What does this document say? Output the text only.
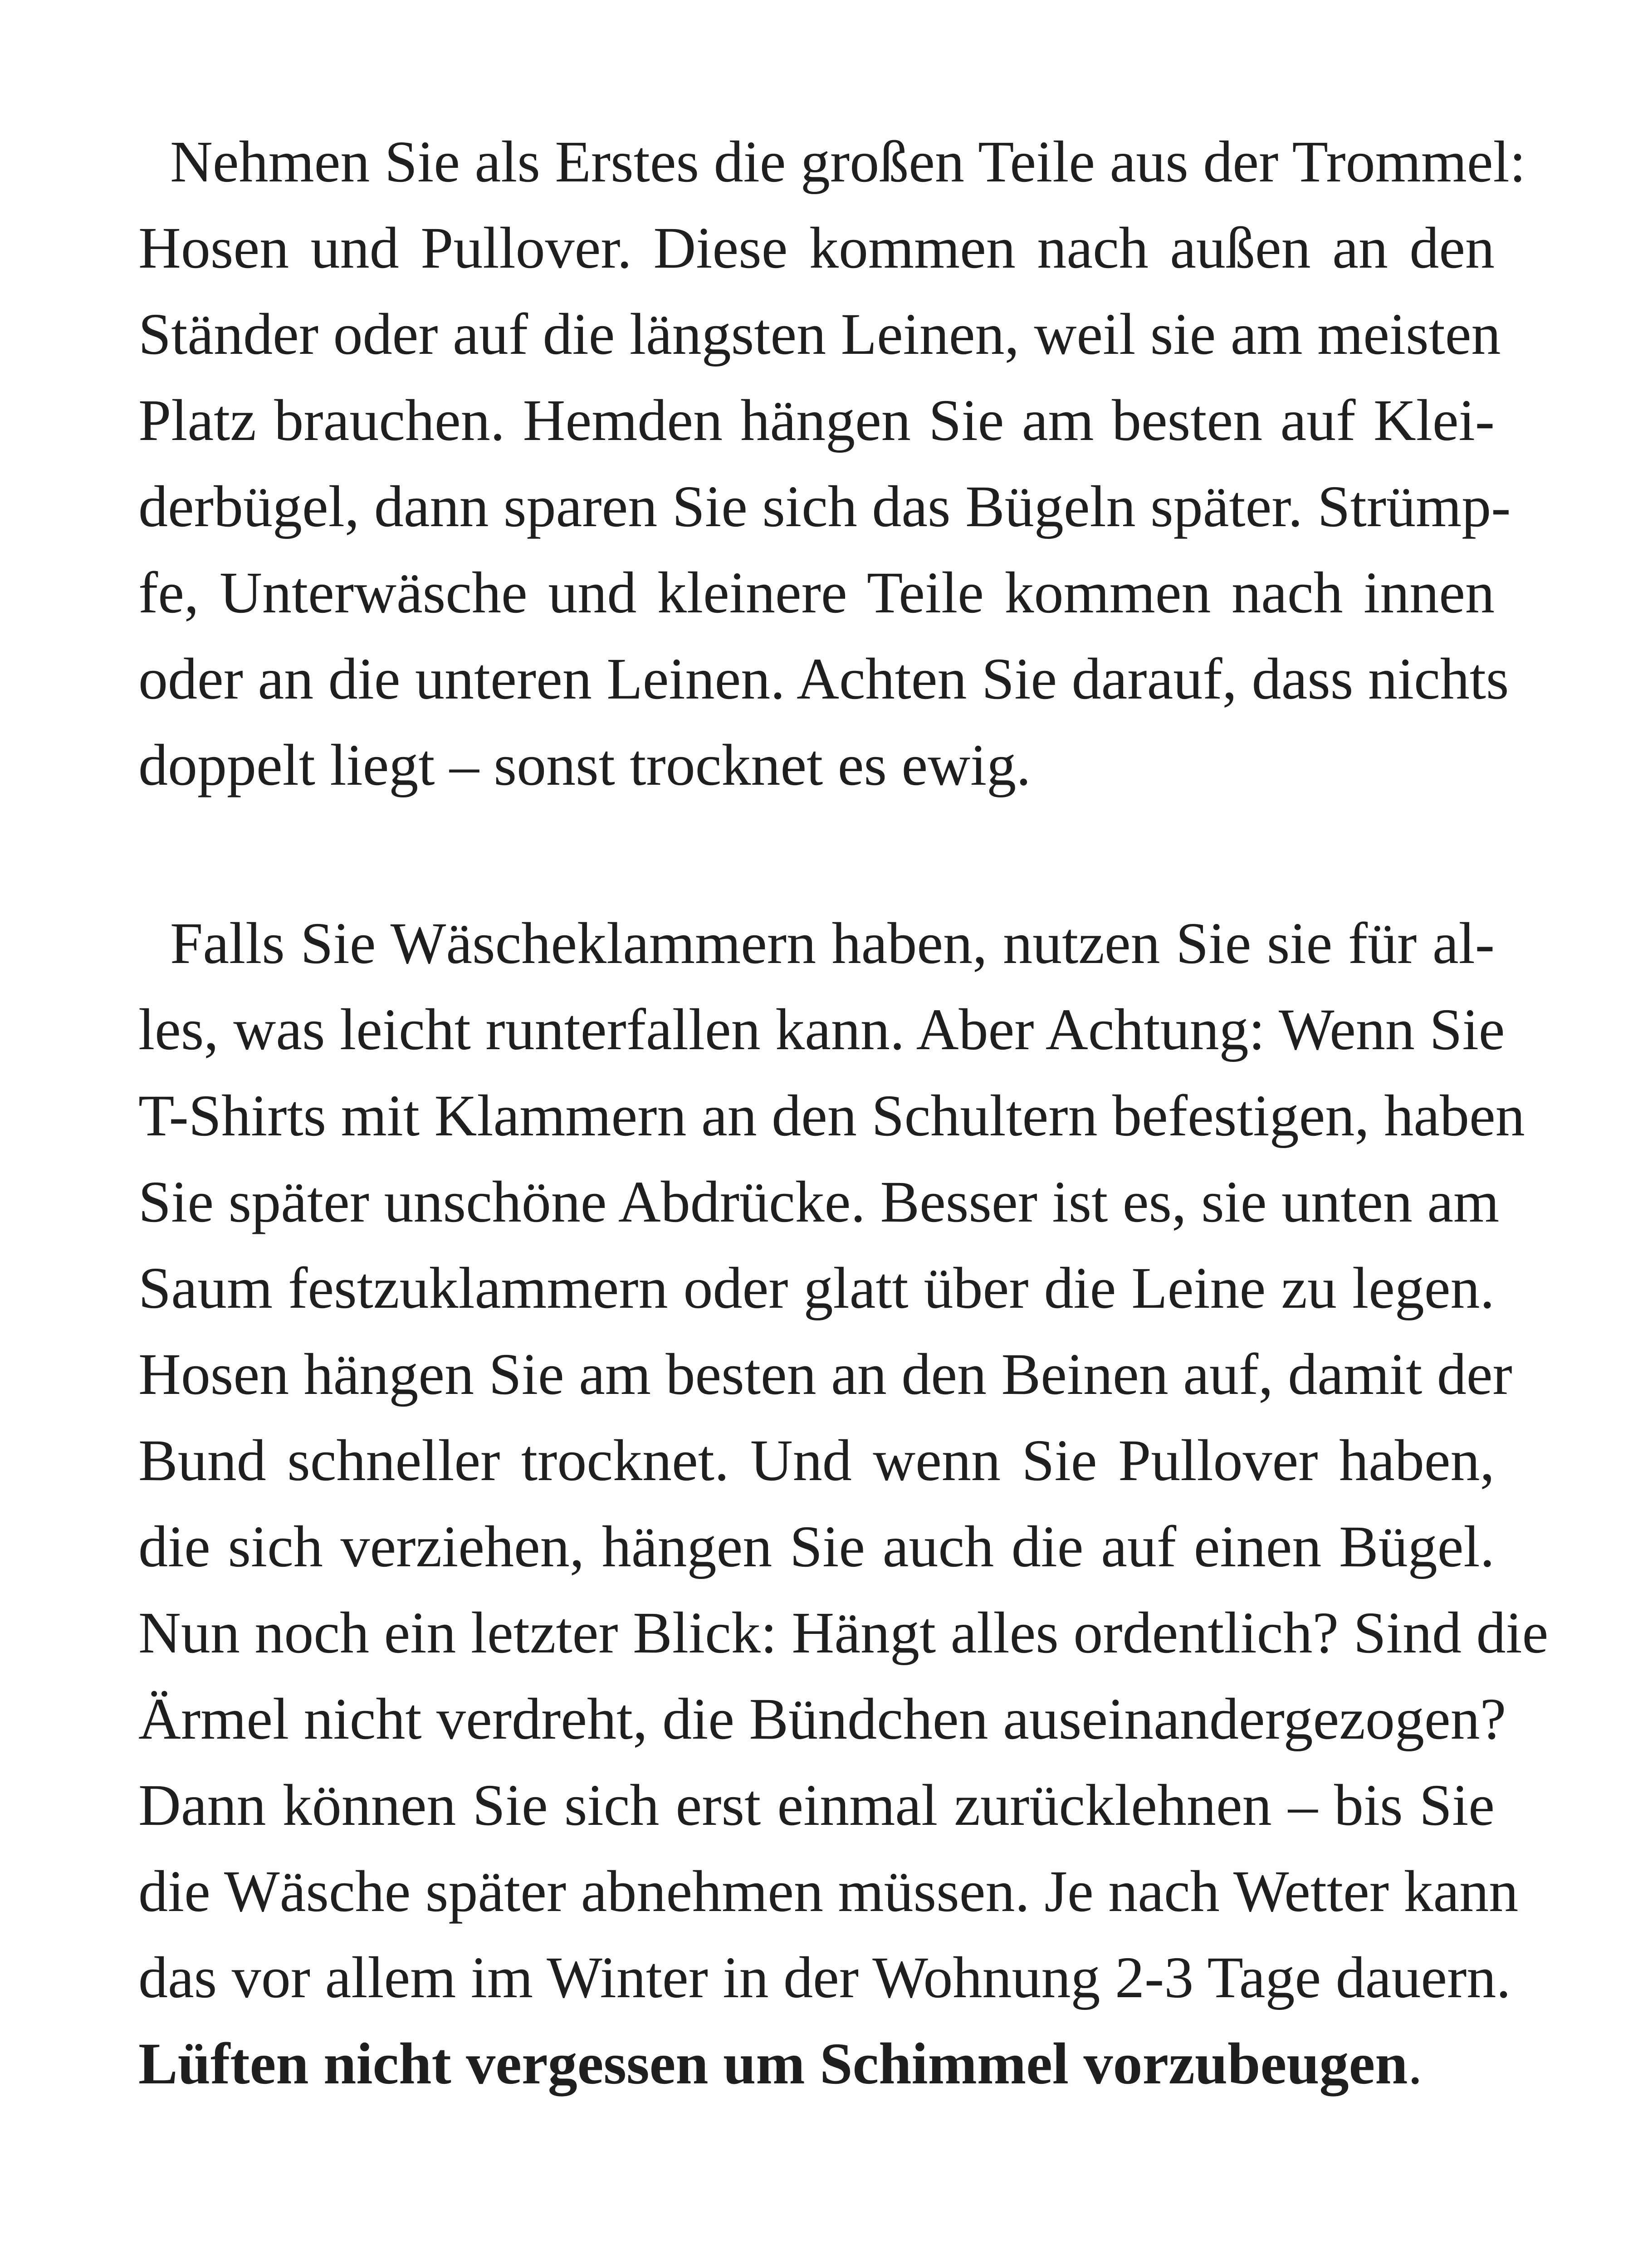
Nehmen Sie als Erstes die großen Teile aus der Trommel:
Hosen und Pullover. Diese kommen nach außen an den
Ständer oder auf die längsten Leinen, weil sie am meisten
Platz brauchen. Hemden hängen Sie am besten auf Klei-
derbügel, dann sparen Sie sich das Bügeln später. Strümp-
fe, Unterwäsche und kleinere Teile kommen nach innen
oder an die unteren Leinen. Achten Sie darauf, dass nichts
doppelt liegt – sonst trocknet es ewig.
Falls Sie Wäscheklammern haben, nutzen Sie sie für al-
les, was leicht runterfallen kann. Aber Achtung: Wenn Sie
T-Shirts mit Klammern an den Schultern befestigen, haben
Sie später unschöne Abdrücke. Besser ist es, sie unten am
Saum festzuklammern oder glatt über die Leine zu legen.
Hosen hängen Sie am besten an den Beinen auf, damit der
Bund schneller trocknet. Und wenn Sie Pullover haben,
die sich verziehen, hängen Sie auch die auf einen Bügel.
Nun noch ein letzter Blick: Hängt alles ordentlich? Sind die
Ärmel nicht verdreht, die Bündchen auseinandergezogen?
Dann können Sie sich erst einmal zurücklehnen – bis Sie
die Wäsche später abnehmen müssen. Je nach Wetter kann
das vor allem im Winter in der Wohnung 2-3 Tage dauern.
Lüften nicht vergessen um Schimmel vorzubeugen.
